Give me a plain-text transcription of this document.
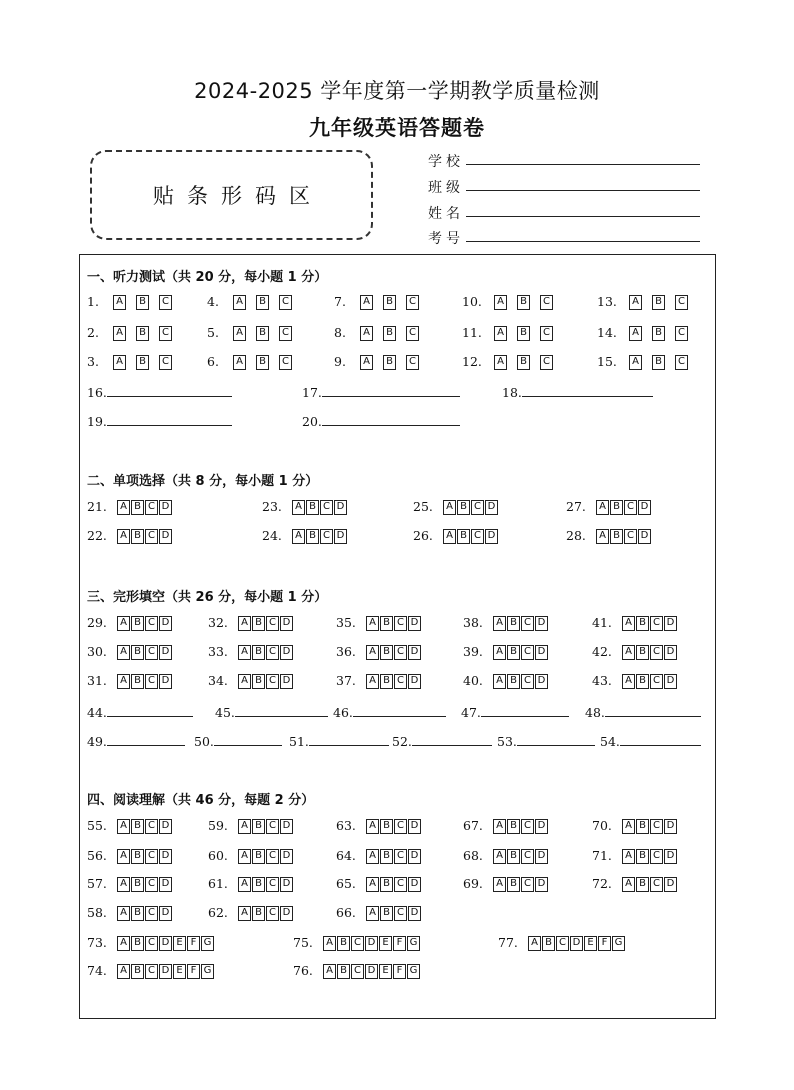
2024-2025 学年度第一学期教学质量检测
九年级英语答题卷
贴条形码区
学校
班级
姓名
考号
一、听力测试（共 20 分，每小题 1 分）
二、单项选择（共 8 分，每小题 1 分）
三、完形填空（共 26 分，每小题 1 分）
四、阅读理解（共 46 分，每题 2 分）
1. A B C	4. A B C	7. A B C	10. A B C	13. A B C
2. A B C	5. A B C	8. A B C	11. A B C	14. A B C
3. A B C	6. A B C	9. A B C	12. A B C	15. A B C
21. A B C D	23. A B C D	25. A B C D	27. A B C D
22. A B C D	24. A B C D	26. A B C D	28. A B C D
29. A B C D	32. A B C D	35. A B C D	38. A B C D	41. A B C D
30. A B C D	33. A B C D	36. A B C D	39. A B C D	42. A B C D
31. A B C D	34. A B C D	37. A B C D	40. A B C D	43. A B C D
55. A B C D	59. A B C D	63. A B C D	67. A B C D	70. A B C D
56. A B C D	60. A B C D	64. A B C D	68. A B C D	71. A B C D
57. A B C D	61. A B C D	65. A B C D	69. A B C D	72. A B C D
58. A B C D	62. A B C D	66. A B C D
73. A B C D E F G	75. A B C D E F G	77. A B C D E F G
74. A B C D E F G	76. A B C D E F G
16.	17.	18.
19.	20.
44.	45.	46.	47.	48.
49.	50.	51.	52.	53.	54.
